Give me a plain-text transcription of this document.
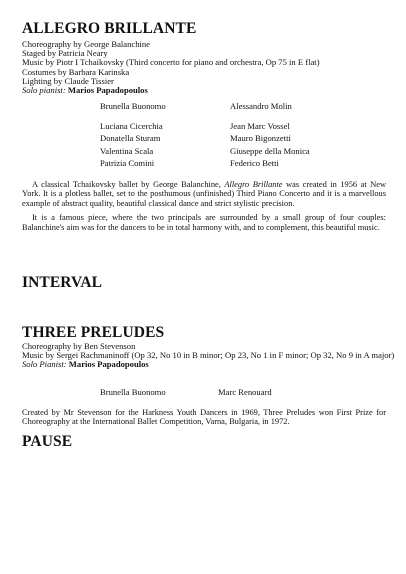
ALLEGRO BRILLANTE
Choreography by George Balanchine
Staged by Patricia Neary
Music by Piotr I Tchaikovsky (Third concerto for piano and orchestra, Op 75 in E flat)
Costumes by Barbara Karinska
Lighting by Claude Tissier
Solo pianist: Marios Papadopoulos
Brunella Buonomo	Alessandro Molin
Luciana Cicerchia
Donatella Sturam
Valentina Scala
Patrizia Comini
Jean Marc Vossel
Mauro Bigonzetti
Giuseppe della Monica
Federico Betti

A classical Tchaikovsky ballet by George Balanchine, Allegro Brillante was created in 1956 at New York. It is a plotless ballet, set to the posthumous (unfinished) Third Piano Concerto and it is a marvellous example of abstract quality, beautiful classical dance and strict stylistic precision.

It is a famous piece, where the two principals are surrounded by a small group of four couples: Balanchine's aim was for the dancers to be in total harmony with, and to complement, this beautiful music.

INTERVAL
THREE PRELUDES
Choreography by Ben Stevenson
Music by Sergei Rachmaninoff (Op 32, No 10 in B minor; Op 23, No 1 in F minor; Op 32, No 9 in A major)
Solo Pianist: Marios Papadopoulos
Brunella Buonomo	Marc Renouard

Created by Mr Stevenson for the Harkness Youth Dancers in 1969, Three Preludes won First Prize for Choreography at the International Ballet Competition, Varna, Bulgaria, in 1972.

PAUSE
